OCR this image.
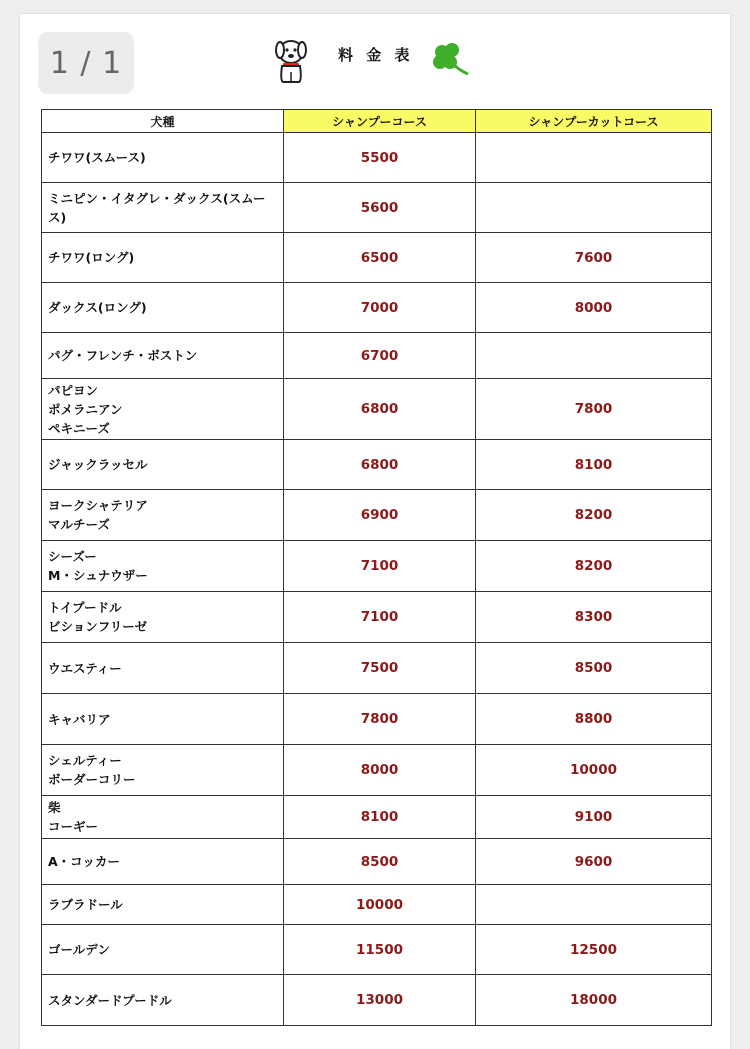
1 / 1	料 金 表
犬種	シャンプーコース	シャンプーカットコース
チワワ(スムース)	5500	
ミニピン・イタグレ・ダックス(スムース)	5600	
チワワ(ロング)	6500	7600
ダックス(ロング)	7000	8000
パグ・フレンチ・ボストン	6700	
パピヨン
ポメラニアン
ペキニーズ	6800	7800
ジャックラッセル	6800	8100
ヨークシャテリア
マルチーズ	6900	8200
シーズー
M・シュナウザー	7100	8200
トイプードル
ビションフリーゼ	7100	8300
ウエスティー	7500	8500
キャバリア	7800	8800
シェルティー
ボーダーコリー	8000	10000
柴
コーギー	8100	9100
A・コッカー	8500	9600
ラブラドール	10000	
ゴールデン	11500	12500
スタンダードプードル	13000	18000
